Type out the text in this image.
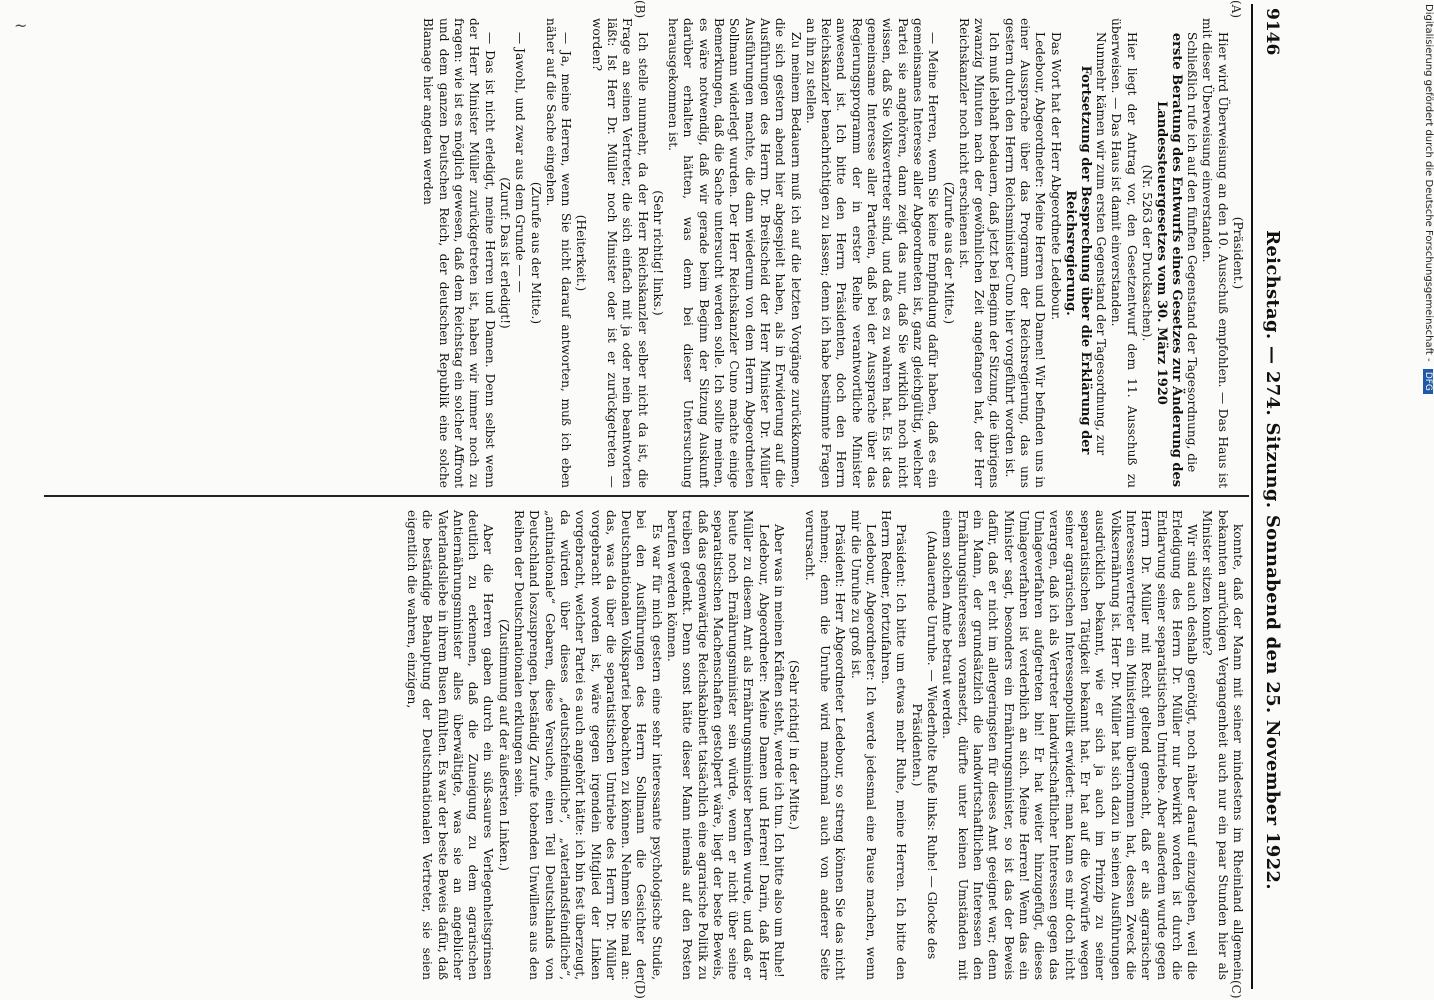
~	9146
Reichstag. — 274. Sitzung. Sonnabend den 25. November 1922.
(A)
(B)
(C)
(D)

(Präsident.)

Hier wird Überweisung an den 10. Ausschuß empfohlen. — Das Haus ist mit dieser Überweisung einverstanden.

Schließlich rufe ich auf den fünften Gegenstand der Tagesordnung, die

erste Beratung des Entwurfs eines Gesetzes zur Änderung des Landessteuergesetzes vom 30. März 1920

(Nr. 5263 der Drucksachen).

Hier liegt der Antrag vor, den Gesetzentwurf dem 11. Ausschuß zu überweisen. — Das Haus ist damit einverstanden.

Nunmehr kämen wir zum ersten Gegenstand der Tagesordnung, zur

Fortsetzung der Besprechung über die Erklärung der Reichsregierung.

Das Wort hat der Herr Abgeordnete Ledebour.

Ledebour, Abgeordneter: Meine Herren und Damen! Wir befinden uns in einer Aussprache über das Programm der Reichsregierung, das uns gestern durch den Herrn Reichsminister Cuno hier vorgeführt worden ist.

Ich muß lebhaft bedauern, daß jetzt bei Beginn der Sitzung, die übrigens zwanzig Minuten nach der gewöhnlichen Zeit angefangen hat, der Herr Reichskanzler noch nicht erschienen ist.

(Zurufe aus der Mitte.)

— Meine Herren, wenn Sie keine Empfindung dafür haben, daß es ein gemeinsames Interesse aller Abgeordneten ist, ganz gleichgültig, welcher Partei sie angehören, dann zeigt das nur, daß Sie wirklich noch nicht wissen, daß Sie Volksvertreter sind, und daß es zu wahren hat. Es ist das gemeinsame Interesse aller Parteien, daß bei der Aussprache über das Regierungsprogramm der in erster Reihe verantwortliche Minister anwesend ist. Ich bitte den Herrn Präsidenten, doch den Herrn Reichskanzler benachrichtigen zu lassen; denn ich habe bestimmte Fragen an ihn zu stellen.

Zu meinem Bedauern muß ich auf die letzten Vorgänge zurückkommen, die sich gestern abend hier abgespielt haben, als in Erwiderung auf die Ausführungen des Herrn Dr. Breitscheid der Herr Minister Dr. Müller Ausführungen machte, die dann wiederum von dem Herrn Abgeordneten Sollmann widerlegt wurden. Der Herr Reichskanzler Cuno machte einige Bemerkungen, daß die Sache untersucht werden solle. Ich sollte meinen, es wäre notwendig, daß wir gerade beim Beginn der Sitzung Auskunft darüber erhalten hätten, was denn bei dieser Untersuchung herausgekommen ist.

(Sehr richtig! links.)

Ich stelle nunmehr, da der Herr Reichskanzler selber nicht da ist, die Frage an seinen Vertreter, die sich einfach mit ja oder nein beantworten läßt: Ist Herr Dr. Müller noch Minister oder ist er zurückgetreten — worden?

(Heiterkeit.)

— Ja, meine Herren, wenn Sie nicht darauf antworten, muß ich eben näher auf die Sache eingehen.

(Zurufe aus der Mitte.)

— Jawohl, und zwar aus dem Grunde — —

(Zuruf: Das ist erledigt!)

— Das ist nicht erledigt, meine Herren und Damen. Denn selbst wenn der Herr Minister Müller zurückgetreten ist, haben wir immer noch zu fragen: wie ist es möglich gewesen, daß dem Reichstag ein solcher Affront und dem ganzen Deutschen Reich, der deutschen Republik eine solche Blamage hier angetan werden

konnte, daß der Mann mit seiner mindestens im Rheinland allgemein bekannten anrüchigen Vergangenheit auch nur ein paar Stunden hier als Minister sitzen konnte?

Wir sind auch deshalb genötigt, noch näher darauf einzugehen, weil die Erledigung des Herrn Dr. Müller nur bewirkt worden ist durch die Entlarvung seiner separatistischen Umtriebe. Aber außerdem wurde gegen Herrn Dr. Müller mit Recht geltend gemacht, daß er als agrarischer Interessenvertreter ein Ministerium übernommen hat, dessen Zweck die Volksernährung ist. Herr Dr. Müller hat sich dazu in seinen Ausführungen ausdrücklich bekannt, wie er sich ja auch im Prinzip zu seiner separatistischen Tätigkeit bekannt hat. Er hat auf die Vorwürfe wegen seiner agrarischen Interessenpolitik erwidert: man kann es mir doch nicht verargen, daß ich als Vertreter landwirtschaftlicher Interessen gegen das Umlageverfahren aufgetreten bin! Er hat weiter hinzugefügt, dieses Umlageverfahren ist verderblich an sich. Meine Herren! Wenn das ein Minister sagt, besonders ein Ernährungsminister, so ist das der Beweis dafür, daß er nicht im allergeringsten für dieses Amt geeignet war; denn ein Mann, der grundsätzlich die landwirtschaftlichen Interessen den Ernährungsinteressen voransetzt, dürfte unter keinen Umständen mit einem solchen Amte betraut werden.

(Andauernde Unruhe. — Wiederholte Rufe links: Ruhe! — Glocke des Präsidenten.)

Präsident: Ich bitte um etwas mehr Ruhe, meine Herren. Ich bitte den Herrn Redner, fortzufahren.

Ledebour, Abgeordneter: Ich werde jedesmal eine Pause machen, wenn mir die Unruhe zu groß ist.

Präsident: Herr Abgeordneter Ledebour, so streng können Sie das nicht nehmen; denn die Unruhe wird manchmal auch von anderer Seite verursacht.

(Sehr richtig! in der Mitte.)

Aber was in meinen Kräften steht, werde ich tun. Ich bitte also um Ruhe!

Ledebour, Abgeordneter: Meine Damen und Herren! Darin, daß Herr Müller zu diesem Amt als Ernährungsminister berufen wurde, und daß er heute noch Ernährungsminister sein würde, wenn er nicht über seine separatistischen Machenschaften gestolpert wäre, liegt der beste Beweis, daß das gegenwärtige Reichskabinett tatsächlich eine agrarische Politik zu treiben gedenkt. Denn sonst hätte dieser Mann niemals auf den Posten berufen werden können.

Es war für mich gestern eine sehr interessante psychologische Studie, bei den Ausführungen des Herrn Sollmann die Gesichter der Deutschnationalen Volkspartei beobachten zu können. Nehmen Sie mal an: das, was da über die separatistischen Umtriebe des Herrn Dr. Müller vorgebracht worden ist, wäre gegen irgendein Mitglied der Linken vorgebracht, welcher Partei es auch angehört hätte: ich bin fest überzeugt, da würden über dieses „deutschfeindliche“, „vaterlandsfeindliche“, „antinationale“ Gebaren, diese Versuche, einen Teil Deutschlands von Deutschland loszusprengen, beständig Zurufe tobenden Unwillens aus den Reihen der Deutschnationalen erklungen sein.

(Zustimmung auf der äußersten Linken.)

Aber die Herren gaben durch ein süß-saures Verlegenheitsgrinsen deutlich zu erkennen, daß die Zuneigung zu dem agrarischen Antiernährungsminister alles überwältigte, was sie an angeblicher Vaterlandsliebe in ihrem Busen fühlten. Es war der beste Beweis dafür, daß die beständige Behauptung der Deutschnationalen Vertreter, sie seien eigentlich die wahren, einzigen,

Digitalisierung gefördert durch die Deutsche Forschungsgemeinschaft - DFG
